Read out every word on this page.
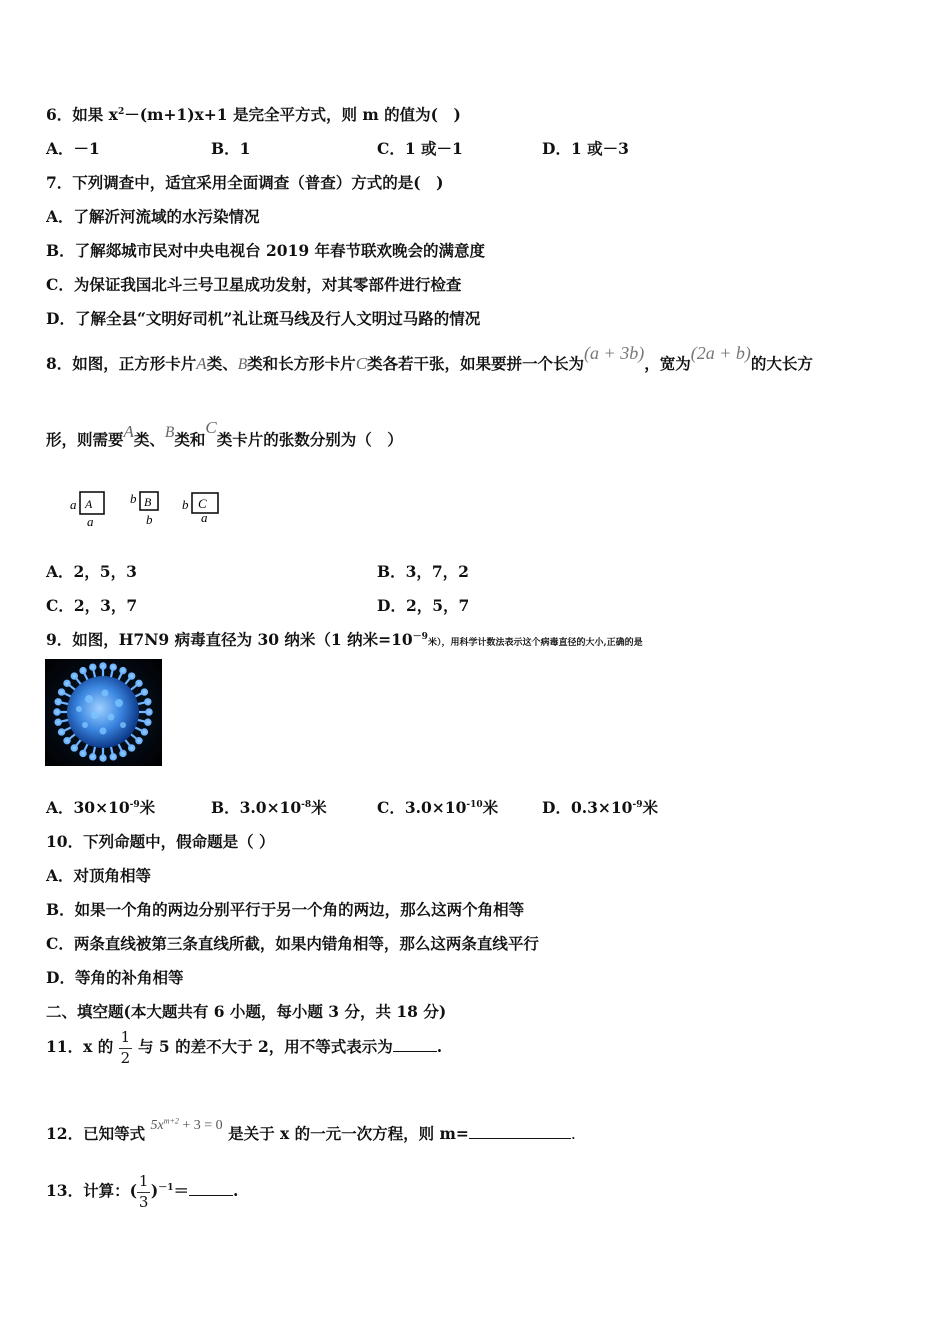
6．如果 $x^2-(m+1)x+1$ 是完全平方式，则 m 的值为(　)
A．－1	B．1	C．1 或－1	D．1 或－3
7．下列调查中，适宜采用全面调查（普查）方式的是(　)
A．了解沂河流域的水污染情况
B．了解郯城市民对中央电视台 2019 年春节联欢晚会的满意度
C．为保证我国北斗三号卫星成功发射，对其零部件进行检查
D．了解全县“文明好司机”礼让斑马线及行人文明过马路的情况
8．如图，正方形卡片A类、B类和长方形卡片C类各若干张，如果要拼一个长为(a + 3b)，宽为(2a + b)的大长方
形，则需要A类、B类和C类卡片的张数分别为（　）
a A
a
b B
b
b C
a
A．2，5，3	B．3，7，2
C．2，3，7	D．2，5，7
9．如图，H7N9 病毒直径为 30 纳米（1 纳米$=10^{-9}$米），用科学计数法表示这个病毒直径的大小,正确的是
A．$30\times 10^{-9}$米	B．$3.0\times 10^{-8}$米	C．$3.0\times 10^{-10}$米	D．$0.3\times 10^{-9}$米
10．下列命题中，假命题是（ ）
A．对顶角相等
B．如果一个角的两边分别平行于另一个角的两边，那么这两个角相等
C．两条直线被第三条直线所截，如果内错角相等，那么这两条直线平行
D．等角的补角相等
二、填空题(本大题共有 6 小题，每小题 3 分，共 18 分)
11．x 的 $\frac{1}{2}$ 与 5 的差不大于 2，用不等式表示为	.
12．已知等式 $5x^{m+2} + 3 = 0$ 是关于 x 的一元一次方程，则 m=	.
13．计算：( $\frac{1}{3} )^{-1}=$	.
